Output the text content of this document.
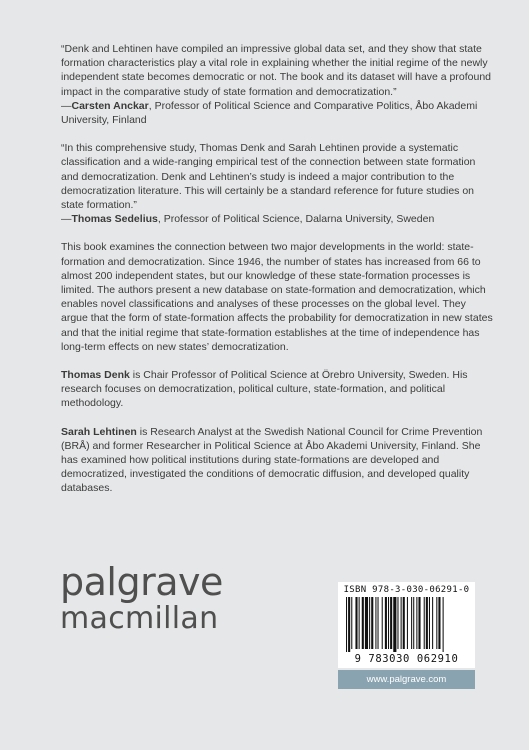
“Denk and Lehtinen have compiled an impressive global data set, and they show that state formation characteristics play a vital role in explaining whether the initial regime of the newly independent state becomes democratic or not. The book and its dataset will have a profound impact in the comparative study of state formation and democratization.”
—Carsten Anckar, Professor of Political Science and Comparative Politics, Åbo Akademi University, Finland

“In this comprehensive study, Thomas Denk and Sarah Lehtinen provide a systematic classification and a wide-ranging empirical test of the connection between state formation and democratization. Denk and Lehtinen’s study is indeed a major contribution to the democratization literature. This will certainly be a standard reference for future studies on state formation.”
—Thomas Sedelius, Professor of Political Science, Dalarna University, Sweden

This book examines the connection between two major developments in the world: state-formation and democratization. Since 1946, the number of states has increased from 66 to almost 200 independent states, but our knowledge of these state-formation processes is limited. The authors present a new database on state-formation and democratization, which enables novel classifications and analyses of these processes on the global level. They argue that the form of state-formation affects the probability for democratization in new states and that the initial regime that state-formation establishes at the time of independence has long-term effects on new states’ democratization.

Thomas Denk is Chair Professor of Political Science at Örebro University, Sweden. His research focuses on democratization, political culture, state-formation, and political methodology.

Sarah Lehtinen is Research Analyst at the Swedish National Council for Crime Prevention (BRÅ) and former Researcher in Political Science at Åbo Akademi University, Finland. She has examined how political institutions during state-formations are developed and democratized, investigated the conditions of democratic diffusion, and developed quality databases.

palgrave
macmillan
ISBN 978-3-030-06291-0
9 783030 062910
www.palgrave.com
